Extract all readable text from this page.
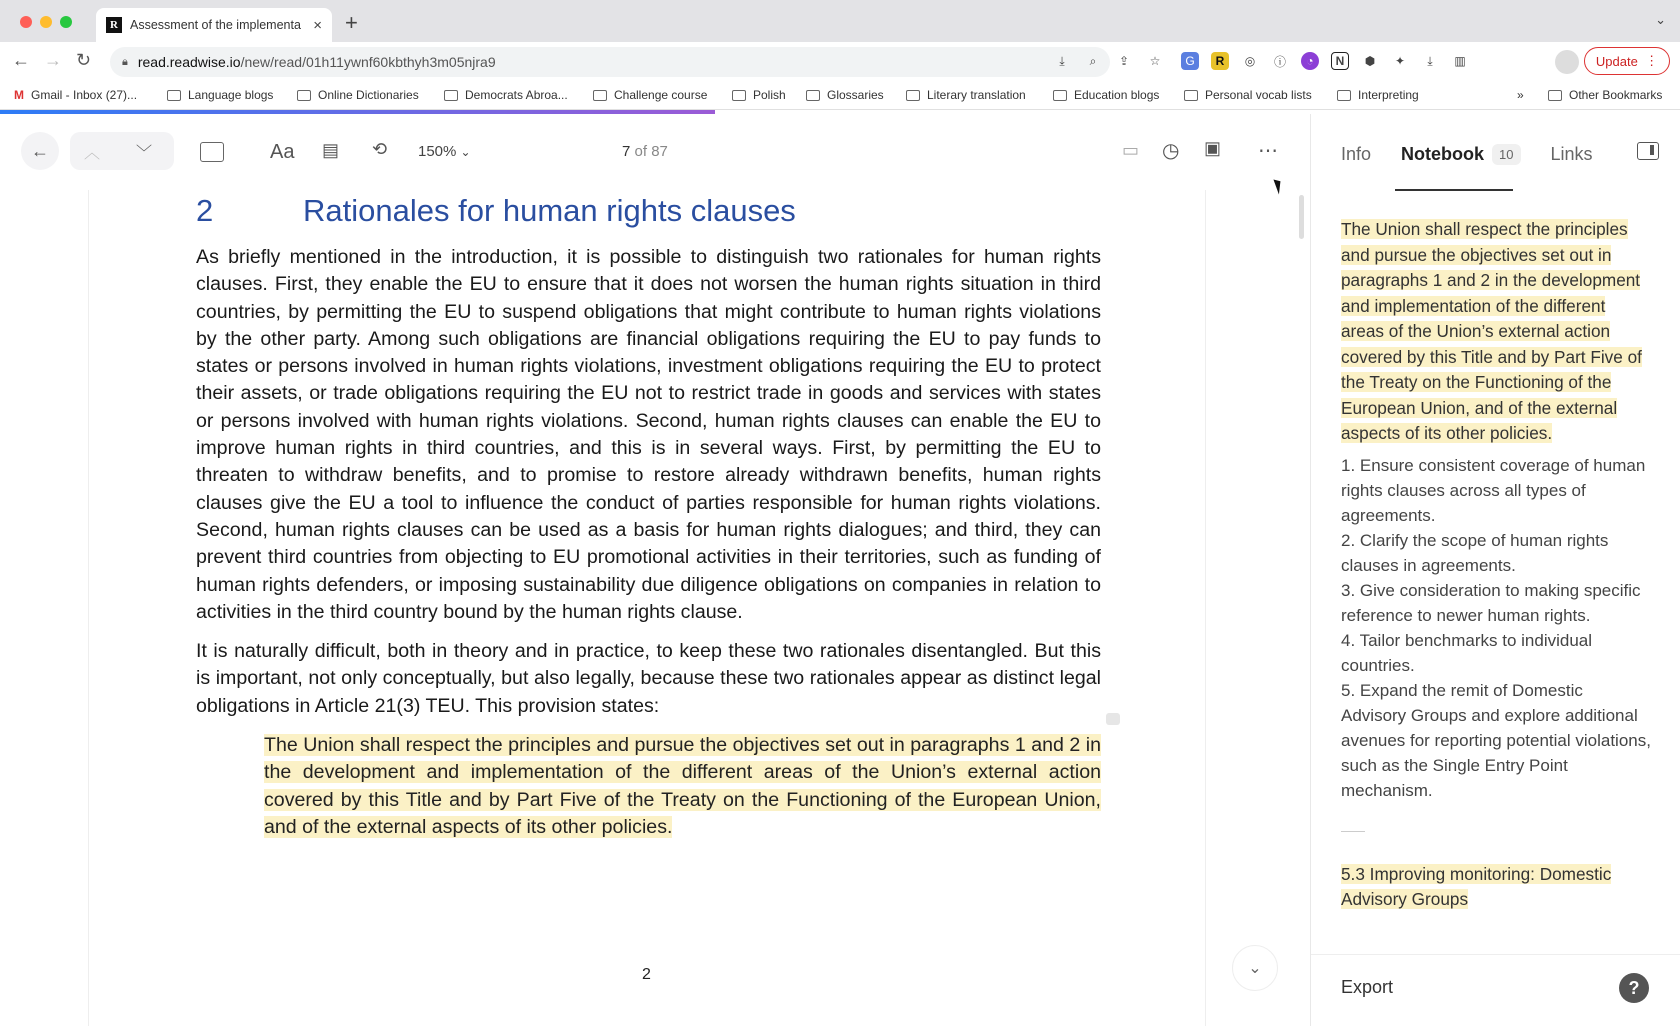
R Assessment of the implementa × +	⌄
← → ↻	🔒︎ read.readwise.io /new/read/01h11ywnf60kbthyh3m05njra9	⤓	⌕	⇪	☆	G	R	◎	ⓘ	◔	N	⬢	✦	⤓	▥	Update ⋮
M Gmail - Inbox (27)...	Language blogs	Online Dictionaries	Democrats Abroa...	Challenge course	Polish	Glossaries	Literary translation	Education blogs	Personal vocab lists	Interpreting	»	Other Bookmarks
←	︿ ﹀	Aa ▤ ⟲ 150% ⌄	7 of 87	▭ ◷ ▣ ⋯
2	Rationales for human rights clauses

As briefly mentioned in the introduction, it is possible to distinguish two rationales for human rights clauses. First, they enable the EU to ensure that it does not worsen the human rights situation in third countries, by permitting the EU to suspend obligations that might contribute to human rights violations by the other party. Among such obligations are financial obligations requiring the EU to pay funds to states or persons involved in human rights violations, investment obligations requiring the EU to protect their assets, or trade obligations requiring the EU not to restrict trade in goods and services with states or persons involved with human rights violations. Second, human rights clauses can enable the EU to improve human rights in third countries, and this is in several ways. First, by permitting the EU to threaten to withdraw benefits, and to promise to restore already withdrawn benefits, human rights clauses give the EU a tool to influence the conduct of parties responsible for human rights violations. Second, human rights clauses can be used as a basis for human rights dialogues; and third, they can prevent third countries from objecting to EU promotional activities in their territories, such as funding of human rights defenders, or imposing sustainability due diligence obligations on companies in relation to activities in the third country bound by the human rights clause.

It is naturally difficult, both in theory and in practice, to keep these two rationales disentangled. But this is important, not only conceptually, but also legally, because these two rationales appear as distinct legal obligations in Article 21(3) TEU. This provision states:

The Union shall respect the principles and pursue the objectives set out in paragraphs 1 and 2 in the development and implementation of the different areas of the Union’s external action covered by this Title and by Part Five of the Treaty on the Functioning of the European Union, and of the external aspects of its other policies.

2	⌄
Info Notebook	10	Links
The Union shall respect the principles and pursue the objectives set out in paragraphs 1 and 2 in the development and implementation of the different areas of the Union’s external action covered by this Title and by Part Five of the Treaty on the Functioning of the European Union, and of the external aspects of its other policies.
1. Ensure consistent coverage of human rights clauses across all types of agreements.
2. Clarify the scope of human rights clauses in agreements.
3. Give consideration to making specific reference to newer human rights.
4. Tailor benchmarks to individual countries.
5. Expand the remit of Domestic Advisory Groups and explore additional avenues for reporting potential violations, such as the Single Entry Point mechanism.
5.3 Improving monitoring: Domestic Advisory Groups
Export	?
